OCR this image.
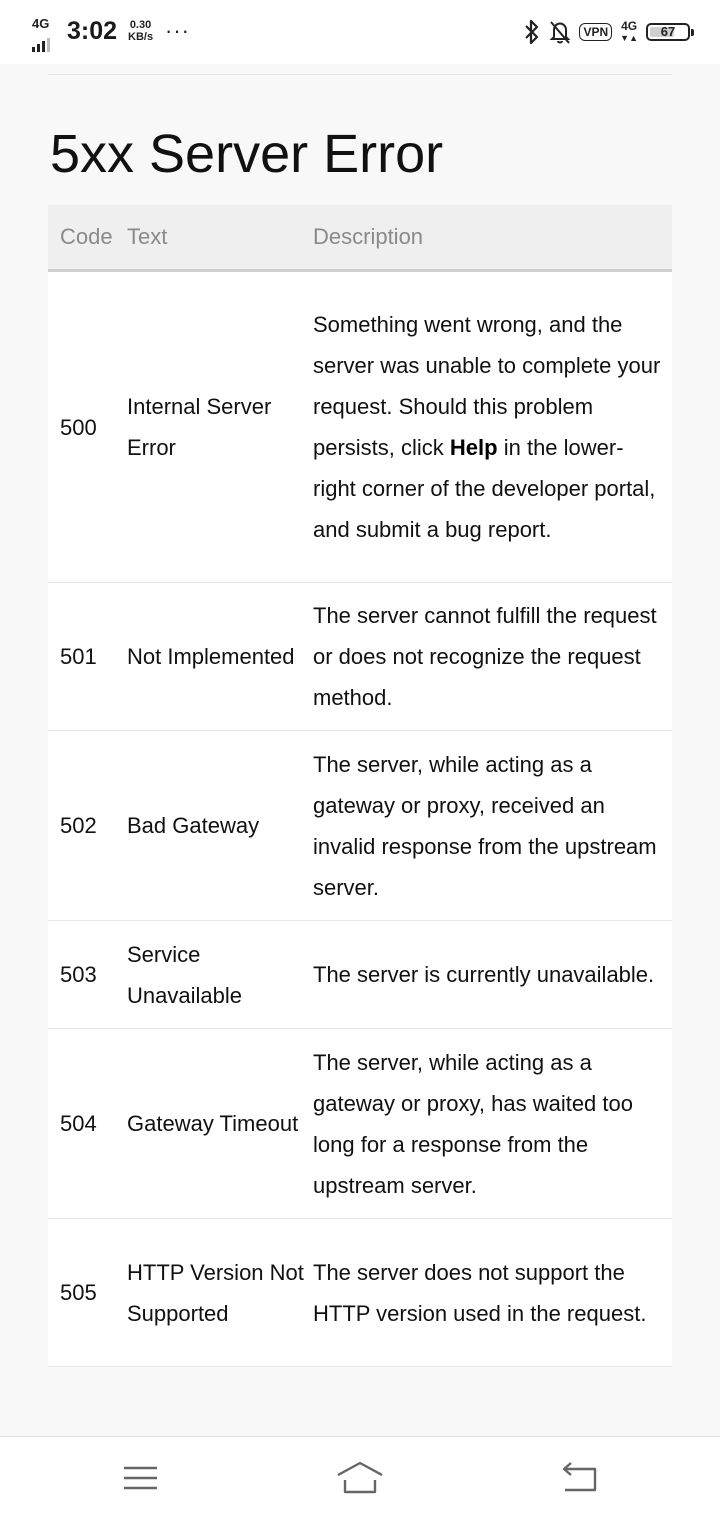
4G 3:02 0.30
KB/s ···	VPN	4G
▼▲	67
5xx Server Error
Code	Text	Description
500	Internal Server Error	Something went wrong, and the server was unable to complete your request. Should this problem persists, click Help in the lower-right corner of the developer portal, and submit a bug report.
501	Not Implemented	The server cannot fulfill the request or does not recognize the request method.
502	Bad Gateway	The server, while acting as a gateway or proxy, received an invalid response from the upstream server.
503	Service Unavailable	The server is currently unavailable.
504	Gateway Timeout	The server, while acting as a gateway or proxy, has waited too long for a response from the upstream server.
505	HTTP Version Not Supported	The server does not support the HTTP version used in the request.
